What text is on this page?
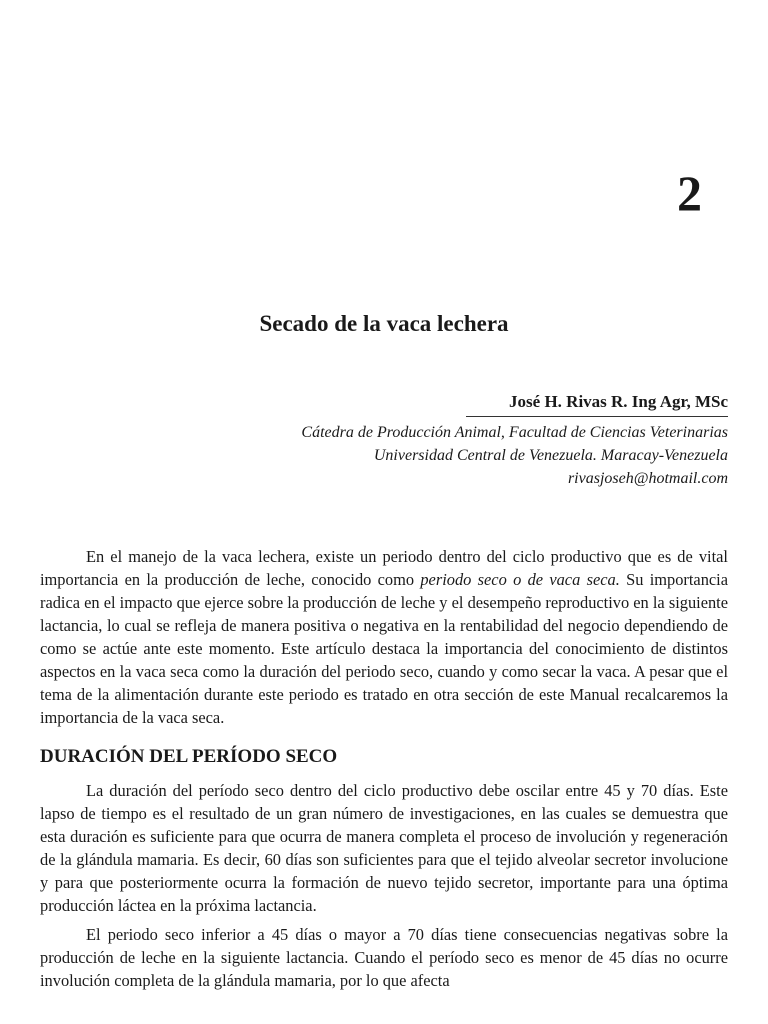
2
Secado de la vaca lechera
José H. Rivas R. Ing Agr, MSc
Cátedra de Producción Animal, Facultad de Ciencias Veterinarias
Universidad Central de Venezuela. Maracay-Venezuela
rivasjoseh@hotmail.com

En el manejo de la vaca lechera, existe un periodo dentro del ciclo productivo que es de vital importancia en la producción de leche, conocido como periodo seco o de vaca seca. Su importancia radica en el impacto que ejerce sobre la producción de leche y el desempeño reproductivo en la siguiente lactancia, lo cual se refleja de manera positiva o negativa en la rentabilidad del negocio dependiendo de como se actúe ante este momento. Este artículo destaca la importancia del conocimiento de distintos aspectos en la vaca seca como la duración del periodo seco, cuando y como secar la vaca. A pesar que el tema de la alimentación durante este periodo es tratado en otra sección de este Manual recalcaremos la importancia de la vaca seca.

DURACIÓN DEL PERÍODO SECO

La duración del período seco dentro del ciclo productivo debe oscilar entre 45 y 70 días. Este lapso de tiempo es el resultado de un gran número de investigaciones, en las cuales se demuestra que esta duración es suficiente para que ocurra de manera completa el proceso de involución y regeneración de la glándula mamaria. Es decir, 60 días son suficientes para que el tejido alveolar secretor involucione y para que posteriormente ocurra la formación de nuevo tejido secretor, importante para una óptima producción láctea en la próxima lactancia.

El periodo seco inferior a 45 días o mayor a 70 días tiene consecuencias negativas sobre la producción de leche en la siguiente lactancia. Cuando el período seco es menor de 45 días no ocurre involución completa de la glándula mamaria, por lo que afecta
